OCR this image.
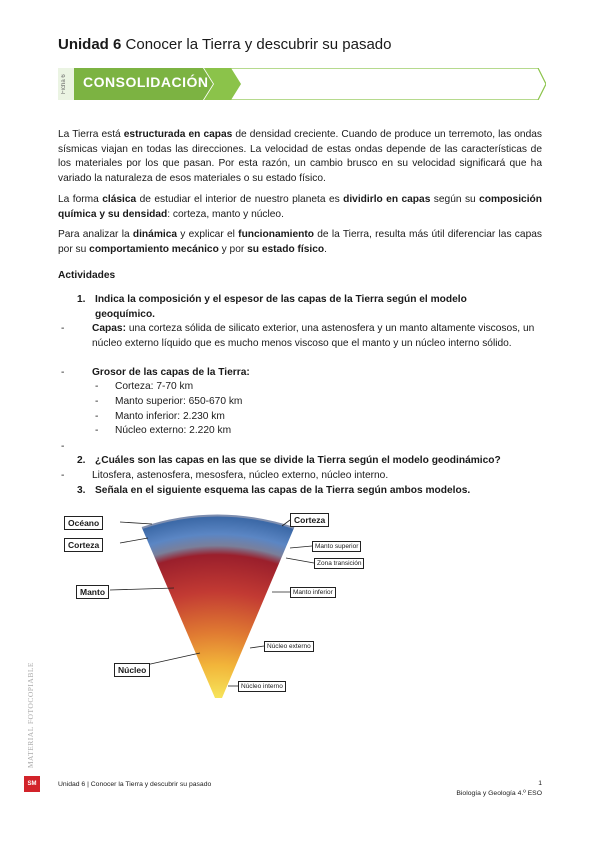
Unidad 6 Conocer la Tierra y descubrir su pasado
Ficha 6	CONSOLIDACIÓN
La Tierra está estructurada en capas de densidad creciente. Cuando de produce un terremoto, las ondas sísmicas viajan en todas las direcciones. La velocidad de estas ondas depende de las características de los materiales por los que pasan. Por esta razón, un cambio brusco en su velocidad significará que ha variado la naturaleza de esos materiales o su estado físico.
La forma clásica de estudiar el interior de nuestro planeta es dividirlo en capas según su composición química y su densidad: corteza, manto y núcleo.
Para analizar la dinámica y explicar el funcionamiento de la Tierra, resulta más útil diferenciar las capas por su comportamiento mecánico y por su estado físico.
Actividades
1. Indica la composición y el espesor de las capas de la Tierra según el modelo geoquímico.
-	Capas: una corteza sólida de silicato exterior, una astenosfera y un manto altamente viscosos, un núcleo externo líquido que es mucho menos viscoso que el manto y un núcleo interno sólido.
-	Grosor de las capas de la Tierra:
- Corteza: 7-70 km
- Manto superior: 650-670 km
- Manto inferior: 2.230 km
- Núcleo externo: 2.220 km
-
2. ¿Cuáles son las capas en las que se divide la Tierra según el modelo geodinámico?
-	Litosfera, astenosfera, mesosfera, núcleo externo, núcleo interno.
3. Señala en el siguiente esquema las capas de la Tierra según ambos modelos.
Océano
Corteza
Manto
Núcleo
Corteza
Manto superior
Zona transición
Manto inferior
Núcleo externo
Núcleo interno
MATERIAL FOTOCOPIABLE
SM	Unidad 6 | Conocer la Tierra y descubrir su pasado	1
Biología y Geología 4.º ESO
